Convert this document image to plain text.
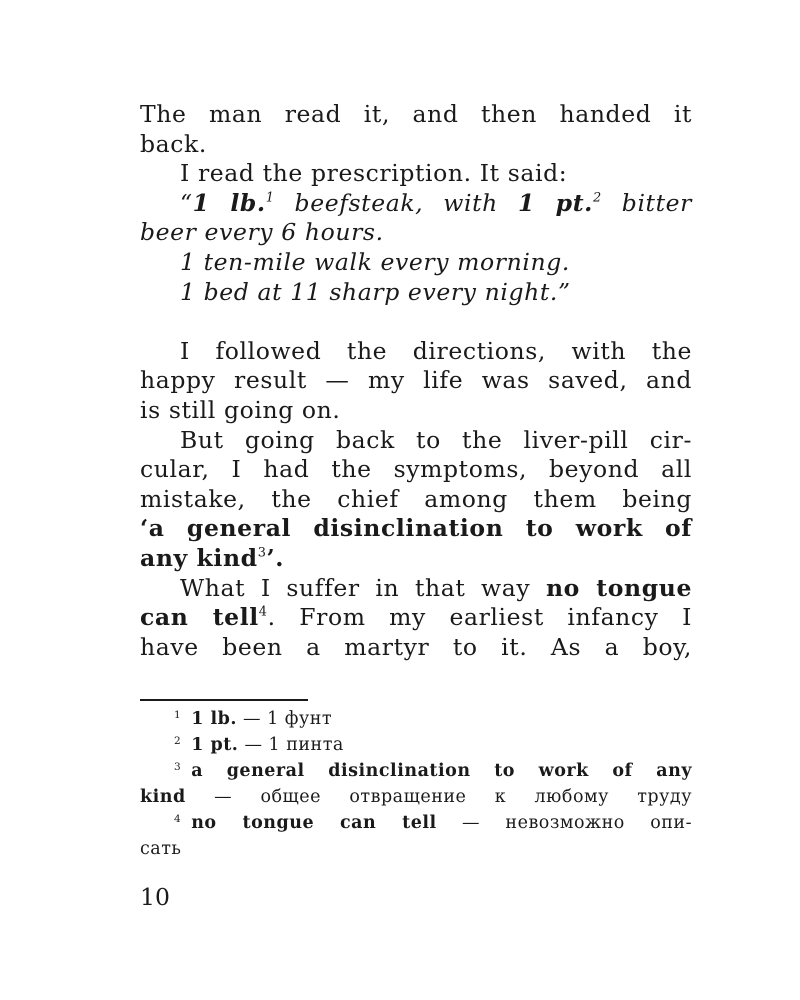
The man read it, and then handed it
back.
I read the prescription. It said:
“1 lb.$^1$ beefsteak, with 1 pt.$^2$ bitter
beer every 6 hours.
1 ten-mile walk every morning.
1 bed at 11 sharp every night.”
I followed the directions, with the
happy result — my life was saved, and
is still going on.
But going back to the liver-pill cir-
cular, I had the symptoms, beyond all
mistake, the chief among them being
‘a general disinclination to work of
any kind$^3$’.
What I suffer in that way no tongue
can tell$^4$. From my earliest infancy I
have been a martyr to it. As a boy,
$^1$ 1 lb. — 1 фунт
$^2$ 1 pt. — 1 пинта
$^3$ a general disinclination to work of any
kind — общее отвращение к любому труду
$^4$ no tongue can tell — невозможно опи-
сать
10
